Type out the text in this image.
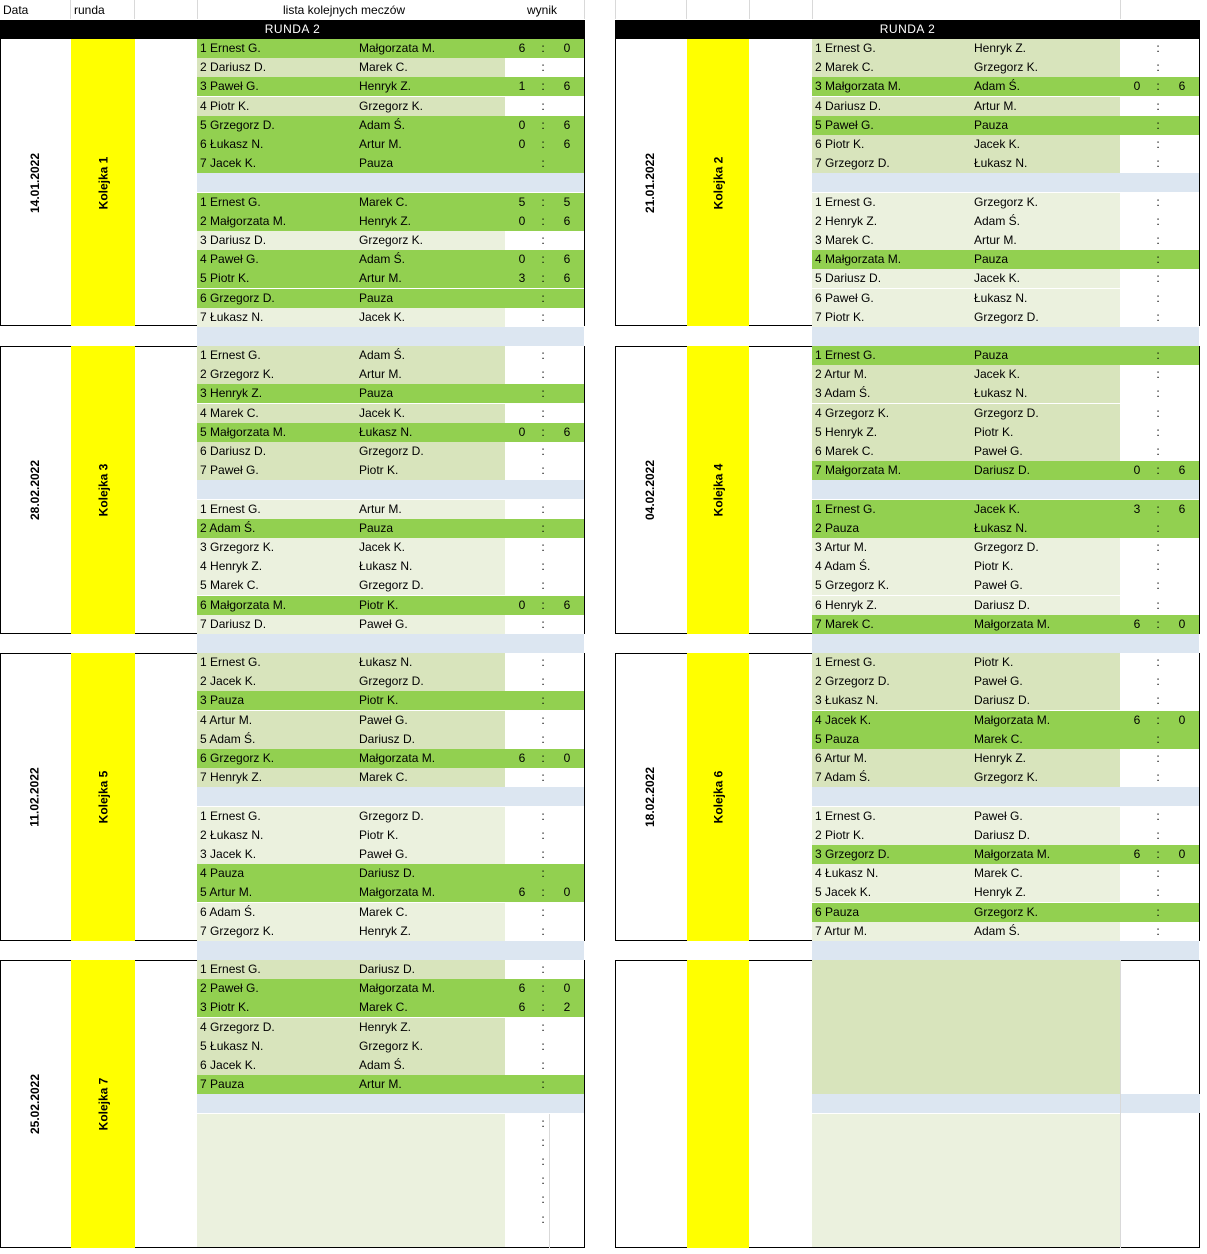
Data	runda	lista kolejnych meczów	wynik
RUNDA 2
Kolejka 1
14.01.2022
1 Ernest G.	Małgorzata M.	6	:	0
2 Dariusz D.	Marek C.	:
3 Paweł G.	Henryk Z.	1	:	6
4 Piotr K.	Grzegorz K.	:
5 Grzegorz D.	Adam Ś.	0	:	6
6 Łukasz N.	Artur M.	0	:	6
7 Jacek K.	Pauza	:
1 Ernest G.	Marek C.	5	:	5
2 Małgorzata M.	Henryk Z.	0	:	6
3 Dariusz D.	Grzegorz K.	:
4 Paweł G.	Adam Ś.	0	:	6
5 Piotr K.	Artur M.	3	:	6
6 Grzegorz D.	Pauza	:
7 Łukasz N.	Jacek K.	:
RUNDA 2
Kolejka 2
21.01.2022
1 Ernest G.	Henryk Z.	:
2 Marek C.	Grzegorz K.	:
3 Małgorzata M.	Adam Ś.	0	:	6
4 Dariusz D.	Artur M.	:
5 Paweł G.	Pauza	:
6 Piotr K.	Jacek K.	:
7 Grzegorz D.	Łukasz N.	:
1 Ernest G.	Grzegorz K.	:
2 Henryk Z.	Adam Ś.	:
3 Marek C.	Artur M.	:
4 Małgorzata M.	Pauza	:
5 Dariusz D.	Jacek K.	:
6 Paweł G.	Łukasz N.	:
7 Piotr K.	Grzegorz D.	:
Kolejka 3
28.02.2022
1 Ernest G.	Adam Ś.	:
2 Grzegorz K.	Artur M.	:
3 Henryk Z.	Pauza	:
4 Marek C.	Jacek K.	:
5 Małgorzata M.	Łukasz N.	0	:	6
6 Dariusz D.	Grzegorz D.	:
7 Paweł G.	Piotr K.	:
1 Ernest G.	Artur M.	:
2 Adam Ś.	Pauza	:
3 Grzegorz K.	Jacek K.	:
4 Henryk Z.	Łukasz N.	:
5 Marek C.	Grzegorz D.	:
6 Małgorzata M.	Piotr K.	0	:	6
7 Dariusz D.	Paweł G.	:
Kolejka 4
04.02.2022
1 Ernest G.	Pauza	:
2 Artur M.	Jacek K.	:
3 Adam Ś.	Łukasz N.	:
4 Grzegorz K.	Grzegorz D.	:
5 Henryk Z.	Piotr K.	:
6 Marek C.	Paweł G.	:
7 Małgorzata M.	Dariusz D.	0	:	6
1 Ernest G.	Jacek K.	3	:	6
2 Pauza	Łukasz N.	:
3 Artur M.	Grzegorz D.	:
4 Adam Ś.	Piotr K.	:
5 Grzegorz K.	Paweł G.	:
6 Henryk Z.	Dariusz D.	:
7 Marek C.	Małgorzata M.	6	:	0
Kolejka 5
11.02.2022
1 Ernest G.	Łukasz N.	:
2 Jacek K.	Grzegorz D.	:
3 Pauza	Piotr K.	:
4 Artur M.	Paweł G.	:
5 Adam Ś.	Dariusz D.	:
6 Grzegorz K.	Małgorzata M.	6	:	0
7 Henryk Z.	Marek C.	:
1 Ernest G.	Grzegorz D.	:
2 Łukasz N.	Piotr K.	:
3 Jacek K.	Paweł G.	:
4 Pauza	Dariusz D.	:
5 Artur M.	Małgorzata M.	6	:	0
6 Adam Ś.	Marek C.	:
7 Grzegorz K.	Henryk Z.	:
Kolejka 6
18.02.2022
1 Ernest G.	Piotr K.	:
2 Grzegorz D.	Paweł G.	:
3 Łukasz N.	Dariusz D.	:
4 Jacek K.	Małgorzata M.	6	:	0
5 Pauza	Marek C.	:
6 Artur M.	Henryk Z.	:
7 Adam Ś.	Grzegorz K.	:
1 Ernest G.	Paweł G.	:
2 Piotr K.	Dariusz D.	:
3 Grzegorz D.	Małgorzata M.	6	:	0
4 Łukasz N.	Marek C.	:
5 Jacek K.	Henryk Z.	:
6 Pauza	Grzegorz K.	:
7 Artur M.	Adam Ś.	:
Kolejka 7
25.02.2022
1 Ernest G.	Dariusz D.	:
2 Paweł G.	Małgorzata M.	6	:	0
3 Piotr K.	Marek C.	6	:	2
4 Grzegorz D.	Henryk Z.	:
5 Łukasz N.	Grzegorz K.	:
6 Jacek K.	Adam Ś.	:
7 Pauza	Artur M.	:
:
:
:
:
:
:
